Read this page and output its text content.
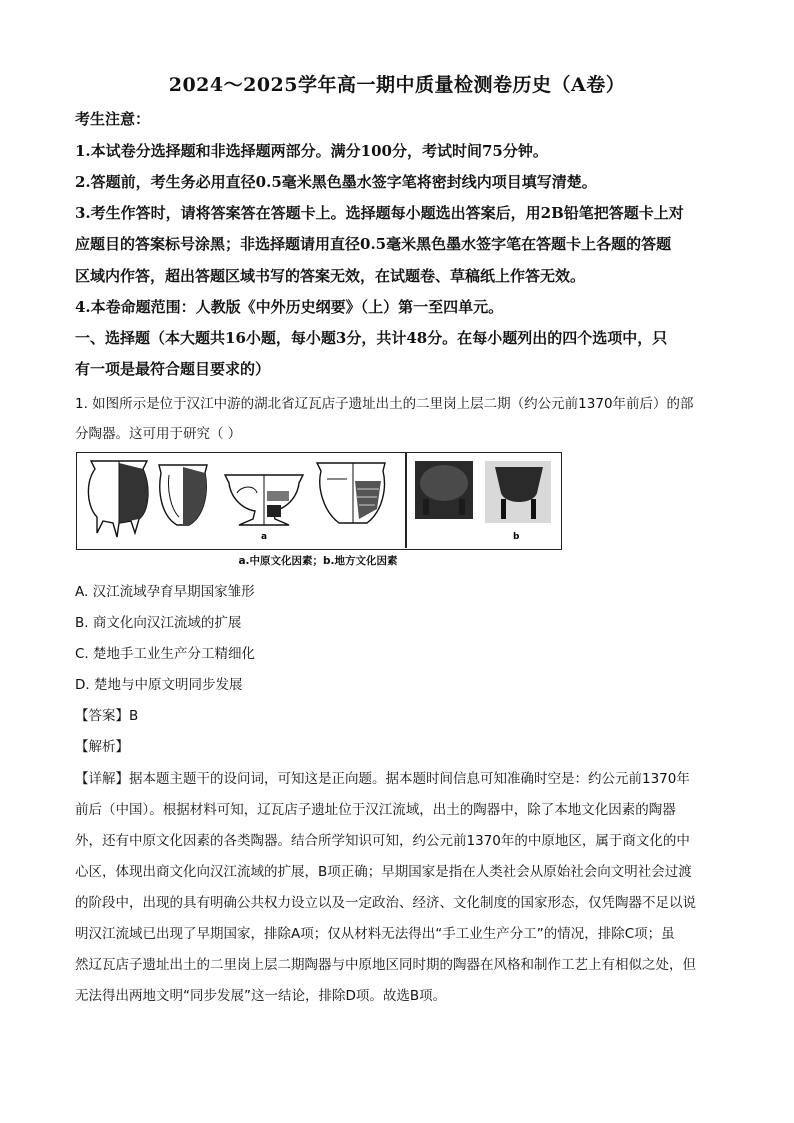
2024～2025学年高一期中质量检测卷历史（A卷）
考生注意：
1.本试卷分选择题和非选择题两部分。满分100分，考试时间75分钟。
2.答题前，考生务必用直径0.5毫米黑色墨水签字笔将密封线内项目填写清楚。
3.考生作答时，请将答案答在答题卡上。选择题每小题选出答案后，用2B铅笔把答题卡上对
应题目的答案标号涂黑；非选择题请用直径0.5毫米黑色墨水签字笔在答题卡上各题的答题
区域内作答，超出答题区域书写的答案无效，在试题卷、草稿纸上作答无效。
4.本卷命题范围：人教版《中外历史纲要》（上）第一至四单元。
一、选择题（本大题共16小题，每小题3分，共计48分。在每小题列出的四个选项中，只
有一项是最符合题目要求的）
1. 如图所示是位于汉江中游的湖北省辽瓦店子遗址出土的二里岗上层二期（约公元前1370年前后）的部
分陶器。这可用于研究（ ）
a	b
a.中原文化因素；b.地方文化因素
A. 汉江流域孕育早期国家雏形
B. 商文化向汉江流域的扩展
C. 楚地手工业生产分工精细化
D. 楚地与中原文明同步发展
【答案】B
【解析】
【详解】据本题主题干的设问词，可知这是正向题。据本题时间信息可知准确时空是：约公元前1370年
前后（中国）。根据材料可知，辽瓦店子遗址位于汉江流域，出土的陶器中，除了本地文化因素的陶器
外，还有中原文化因素的各类陶器。结合所学知识可知，约公元前1370年的中原地区，属于商文化的中
心区，体现出商文化向汉江流域的扩展，B项正确；早期国家是指在人类社会从原始社会向文明社会过渡
的阶段中，出现的具有明确公共权力设立以及一定政治、经济、文化制度的国家形态，仅凭陶器不足以说
明汉江流域已出现了早期国家，排除A项；仅从材料无法得出“手工业生产分工”的情况，排除C项；虽
然辽瓦店子遗址出土的二里岗上层二期陶器与中原地区同时期的陶器在风格和制作工艺上有相似之处，但
无法得出两地文明“同步发展”这一结论，排除D项。故选B项。
